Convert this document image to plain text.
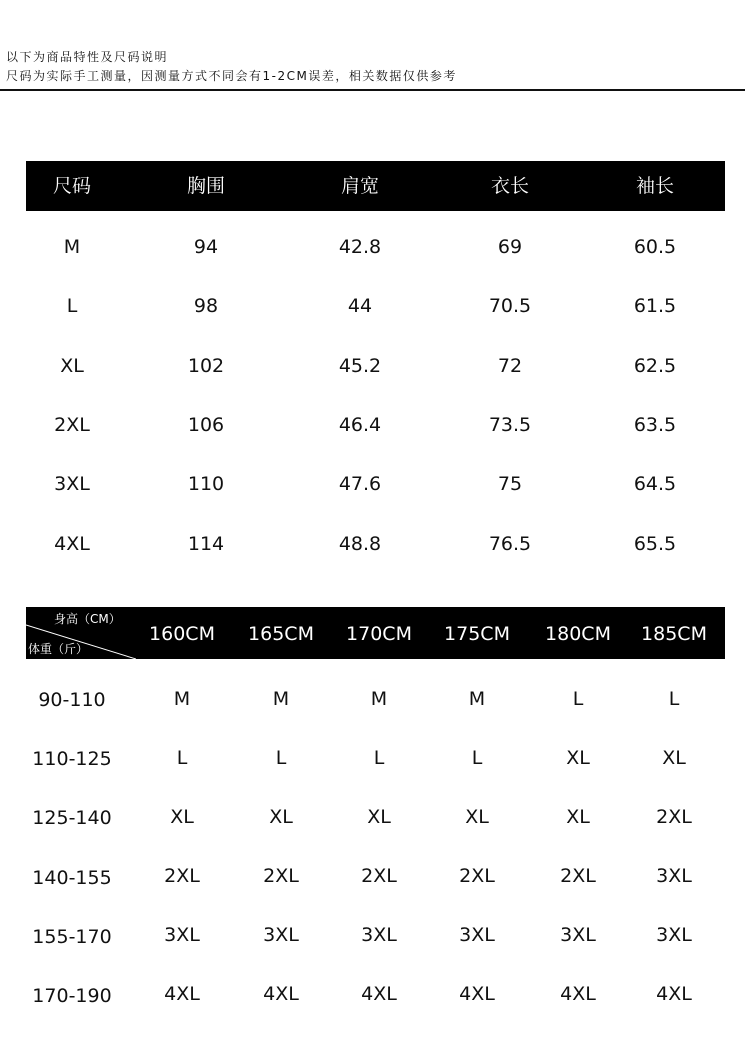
以下为商品特性及尺码说明
尺码为实际手工测量，因测量方式不同会有1-2CM误差，相关数据仅供参考
尺码	胸围	肩宽	衣长	袖长
M	94	42.8	69	60.5
L	98	44	70.5	61.5
XL	102	45.2	72	62.5
2XL	106	46.4	73.5	63.5
3XL	110	47.6	75	64.5
4XL	114	48.8	76.5	65.5
身高（CM）
体重（斤）
160CM 165CM 170CM 175CM 180CM 185CM
90-110	M	M	M	M	L	L
110-125	L	L	L	L	XL	XL
125-140	XL	XL	XL	XL	XL	2XL
140-155	2XL	2XL	2XL	2XL	2XL	3XL
155-170	3XL	3XL	3XL	3XL	3XL	3XL
170-190	4XL	4XL	4XL	4XL	4XL	4XL
